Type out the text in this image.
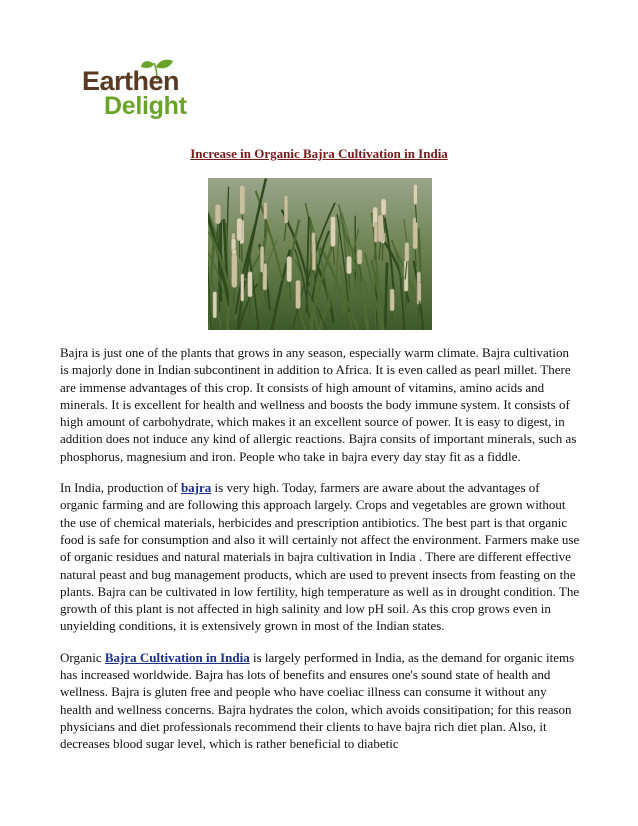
Earthen
Delight
Increase in Organic Bajra Cultivation in India

Bajra is just one of the plants that grows in any season, especially warm climate. Bajra cultivation is majorly done in Indian subcontinent in addition to Africa. It is even called as pearl millet. There are immense advantages of this crop. It consists of high amount of vitamins, amino acids and minerals. It is excellent for health and wellness and boosts the body immune system. It consists of high amount of carbohydrate, which makes it an excellent source of power. It is easy to digest, in addition does not induce any kind of allergic reactions. Bajra consits of important minerals, such as phosphorus, magnesium and iron. People who take in bajra every day stay fit as a fiddle.

In India, production of bajra is very high. Today, farmers are aware about the advantages of organic farming and are following this approach largely. Crops and vegetables are grown without the use of chemical materials, herbicides and prescription antibiotics. The best part is that organic food is safe for consumption and also it will certainly not affect the environment. Farmers make use of organic residues and natural materials in bajra cultivation in India . There are different effective natural peast and bug management products, which are used to prevent insects from feasting on the plants. Bajra can be cultivated in low fertility, high temperature as well as in drought condition. The growth of this plant is not affected in high salinity and low pH soil. As this crop grows even in unyielding conditions, it is extensively grown in most of the Indian states.

Organic Bajra Cultivation in India is largely performed in India, as the demand for organic items has increased worldwide. Bajra has lots of benefits and ensures one's sound state of health and wellness. Bajra is gluten free and people who have coeliac illness can consume it without any health and wellness concerns. Bajra hydrates the colon, which avoids consitipation; for this reason physicians and diet professionals recommend their clients to have bajra rich diet plan. Also, it decreases blood sugar level, which is rather beneficial to diabetic
